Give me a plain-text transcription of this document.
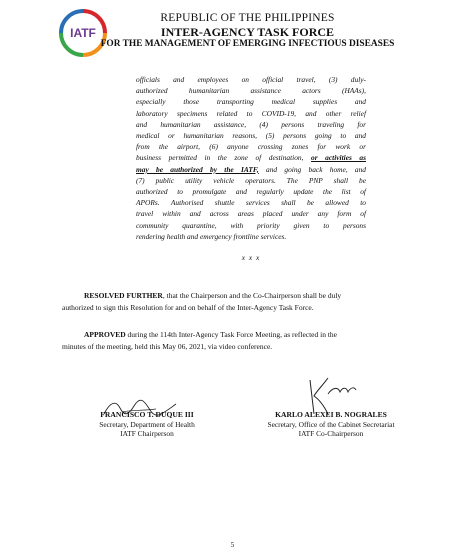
IATF
REPUBLIC OF THE PHILIPPINES
INTER-AGENCY TASK FORCE
FOR THE MANAGEMENT OF EMERGING INFECTIOUS DISEASES
officials and employees on official travel, (3) duly-
authorized humanitarian assistance actors (HAAs),
especially those transporting medical supplies and
laboratory specimens related to COVID-19, and other relief
and humanitarian assistance, (4) persons traveling for
medical or humanitarian reasons, (5) persons going to and
from the airport, (6) anyone crossing zones for work or
business permitted in the zone of destination, or activities as
may be authorized by the IATF, and going back home, and
(7) public utility vehicle operators. The PNP shall be
authorized to promulgate and regularly update the list of
APORs. Authorised shuttle services shall be allowed to
travel within and across areas placed under any form of
community quarantine, with priority given to persons
rendering health and emergency frontline services.
x x x
RESOLVED FURTHER, that the Chairperson and the Co-Chairperson shall be duly
authorized to sign this Resolution for and on behalf of the Inter-Agency Task Force.
APPROVED during the 114th Inter-Agency Task Force Meeting, as reflected in the
minutes of the meeting, held this May 06, 2021, via video conference.
FRANCISCO T. DUQUE III
Secretary, Department of Health
IATF Chairperson
KARLO ALEXEI B. NOGRALES
Secretary, Office of the Cabinet Secretariat
IATF Co-Chairperson
5
